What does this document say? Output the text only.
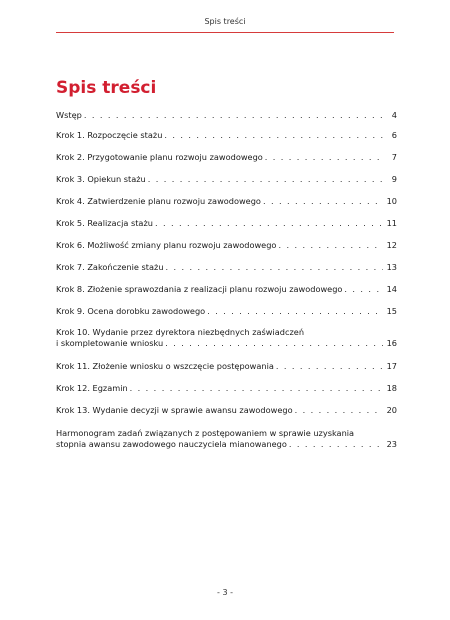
Spis treści
Spis treści
Wstęp . . .	4
Krok 1. Rozpoczęcie stażu . . .	6
Krok 2. Przygotowanie planu rozwoju zawodowego . . .	7
Krok 3. Opiekun stażu . . .	9
Krok 4. Zatwierdzenie planu rozwoju zawodowego . . .	10
Krok 5. Realizacja stażu . . .	11
Krok 6. Możliwość zmiany planu rozwoju zawodowego . . .	12
Krok 7. Zakończenie stażu . . .	13
Krok 8. Złożenie sprawozdania z realizacji planu rozwoju zawodowego . . .	14
Krok 9. Ocena dorobku zawodowego . . .	15
Krok 10. Wydanie przez dyrektora niezbędnych zaświadczeń
i skompletowanie wniosku . . .	16
Krok 11. Złożenie wniosku o wszczęcie postępowania . . .	17
Krok 12. Egzamin . . .	18
Krok 13. Wydanie decyzji w sprawie awansu zawodowego . . .	20
Harmonogram zadań związanych z postępowaniem w sprawie uzyskania
stopnia awansu zawodowego nauczyciela mianowanego . . .	23
- 3 -
